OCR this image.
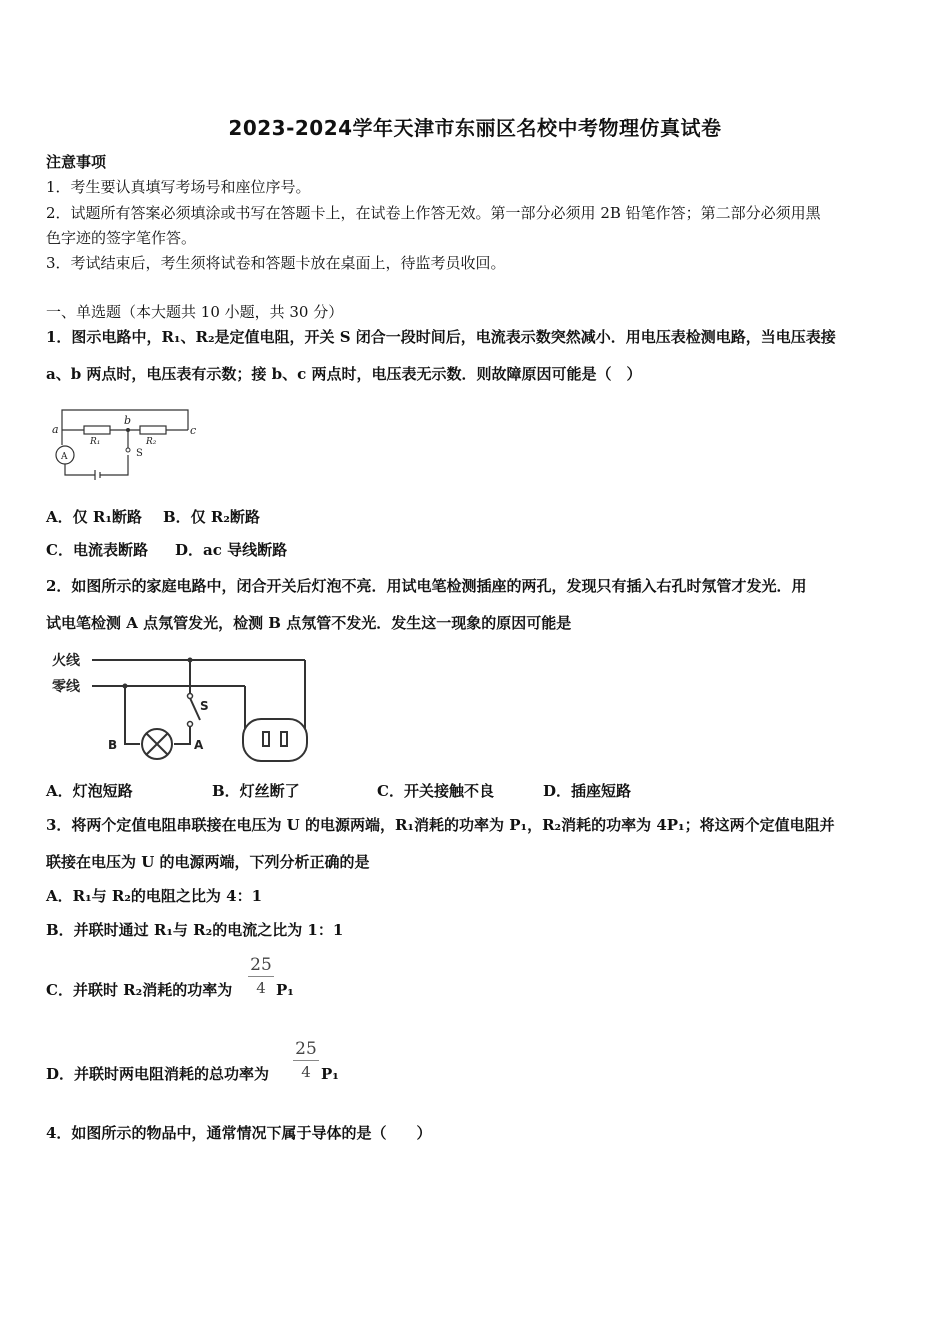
2023-2024学年天津市东丽区名校中考物理仿真试卷
注意事项
1．考生要认真填写考场号和座位序号。
2．试题所有答案必须填涂或书写在答题卡上，在试卷上作答无效。第一部分必须用 2B 铅笔作答；第二部分必须用黑
色字迹的签字笔作答。
3．考试结束后，考生须将试卷和答题卡放在桌面上，待监考员收回。
一、单选题（本大题共 10 小题，共 30 分）
1．图示电路中，R₁、R₂是定值电阻，开关 S 闭合一段时间后，电流表示数突然减小．用电压表检测电路，当电压表接
a、b 两点时，电压表有示数；接 b、c 两点时，电压表无示数．则故障原因可能是（　）
a
b
c
R₁	R₂
S
A
A．仅 R₁断路 B．仅 R₂断路
C．电流表断路 D．ac 导线断路
2．如图所示的家庭电路中，闭合开关后灯泡不亮．用试电笔检测插座的两孔，发现只有插入右孔时氖管才发光．用
试电笔检测 A 点氖管发光，检测 B 点氖管不发光．发生这一现象的原因可能是
火线
零线
S
A
B
A．灯泡短路	B．灯丝断了	C．开关接触不良	D．插座短路
3．将两个定值电阻串联接在电压为 U 的电源两端，R₁消耗的功率为 P₁，R₂消耗的功率为 4P₁；将这两个定值电阻并
联接在电压为 U 的电源两端，下列分析正确的是
A．R₁与 R₂的电阻之比为 4：1
B．并联时通过 R₁与 R₂的电流之比为 1：1
C．并联时 R₂消耗的功率为 $\frac{25}{4} P_1$
D．并联时两电阻消耗的总功率为 $\frac{25}{4} P_1$
4．如图所示的物品中，通常情况下属于导体的是（　　）
